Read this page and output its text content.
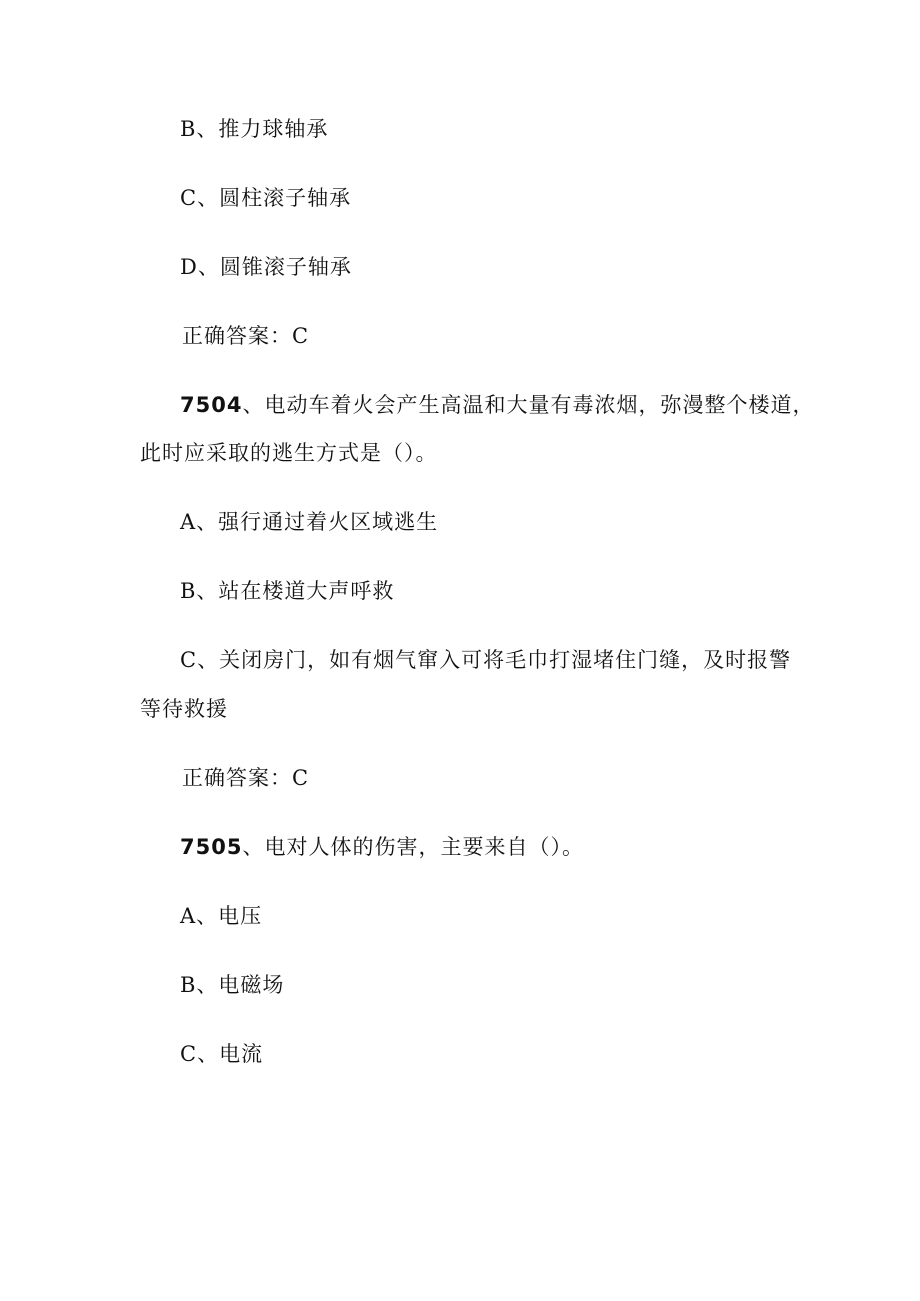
B、推力球轴承

C、圆柱滚子轴承

D、圆锥滚子轴承

正确答案：C

7504、电动车着火会产生高温和大量有毒浓烟，弥漫整个楼道，

此时应采取的逃生方式是（）。

A、强行通过着火区域逃生

B、站在楼道大声呼救

C、关闭房门，如有烟气窜入可将毛巾打湿堵住门缝，及时报警

等待救援

正确答案：C

7505、电对人体的伤害，主要来自（）。

A、电压

B、电磁场

C、电流
